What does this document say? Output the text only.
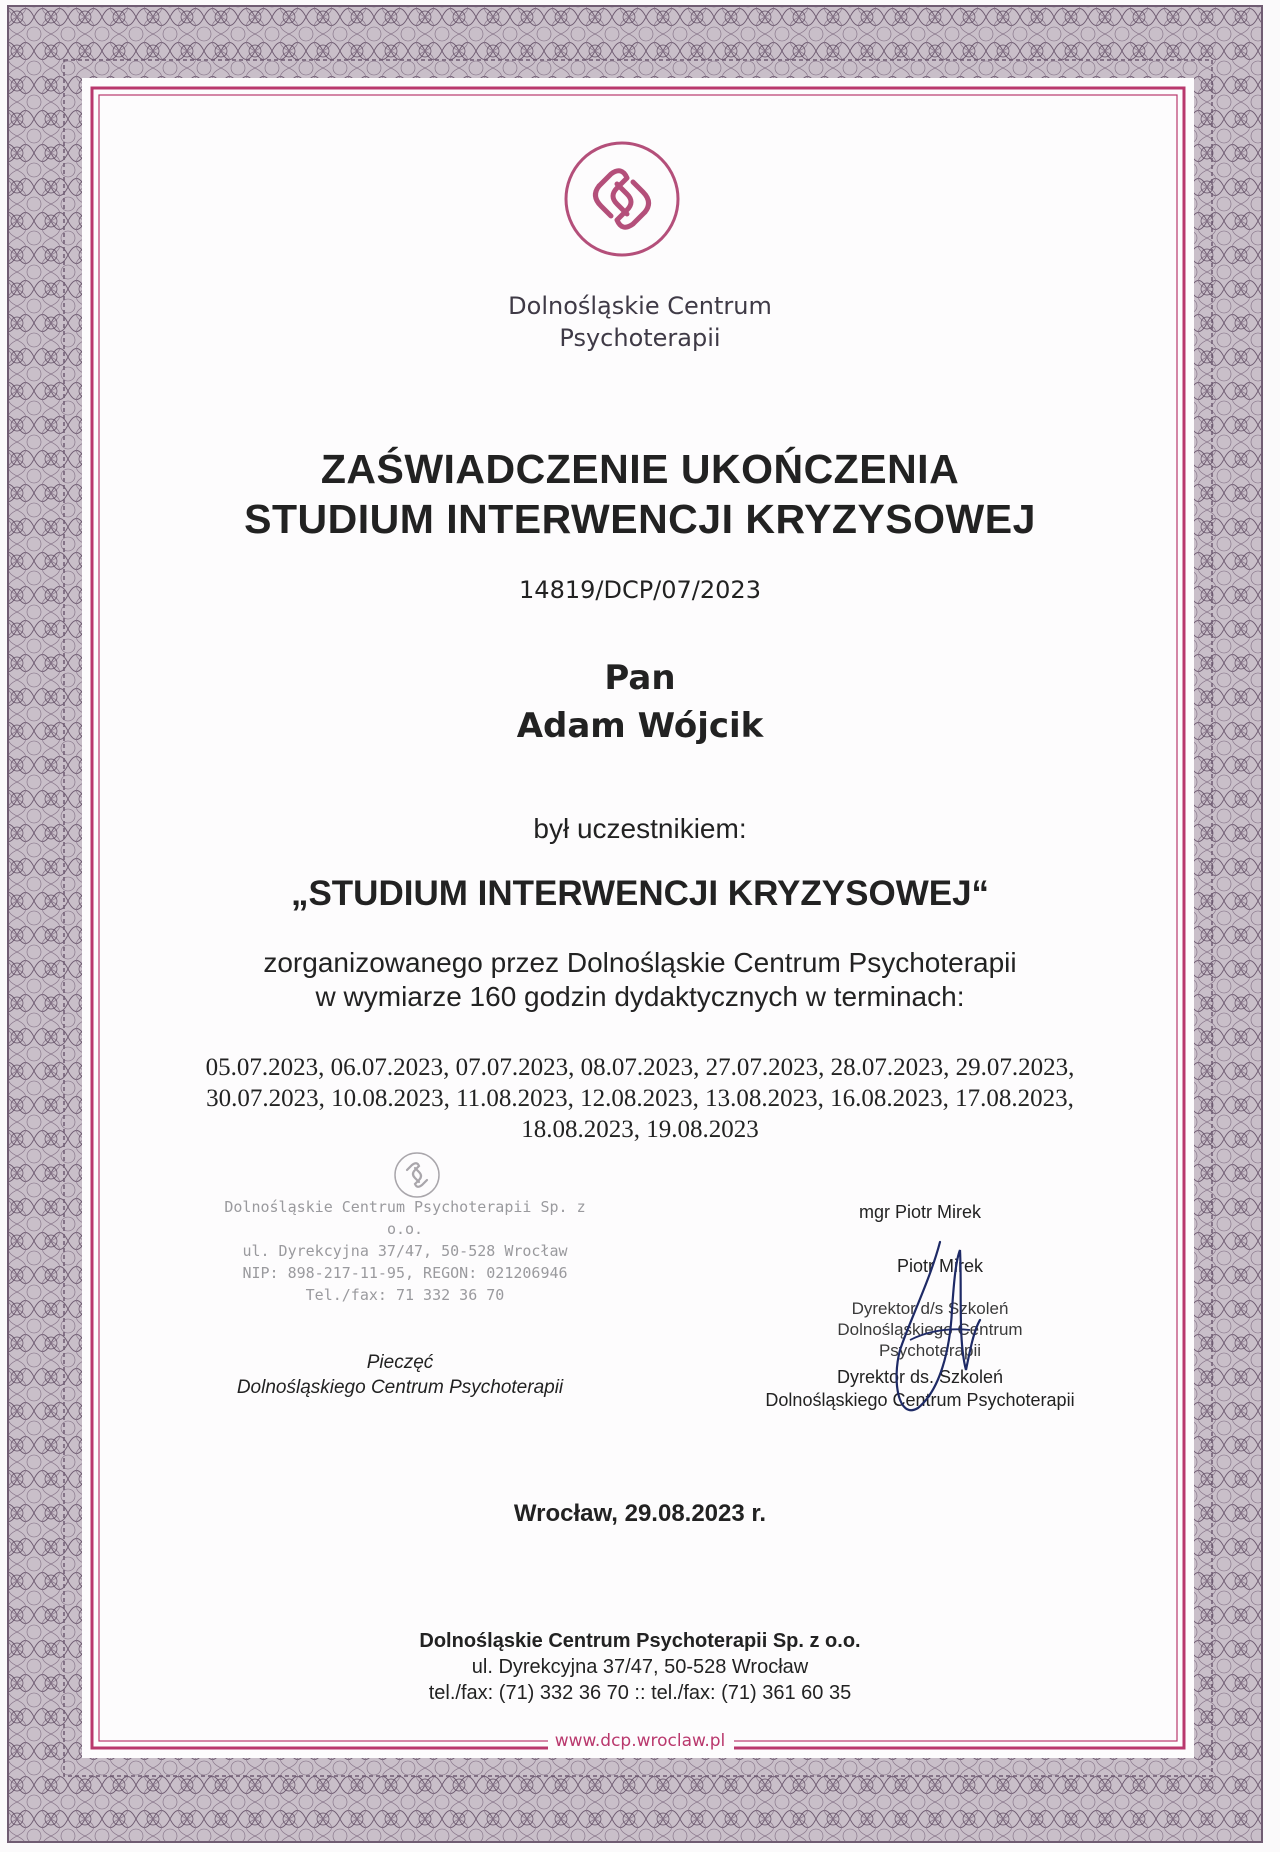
Dolnośląskie Centrum
Psychoterapii
ZAŚWIADCZENIE UKOŃCZENIA
STUDIUM INTERWENCJI KRYZYSOWEJ
14819/DCP/07/2023
Pan
Adam Wójcik
był uczestnikiem:
„STUDIUM INTERWENCJI KRYZYSOWEJ“
zorganizowanego przez Dolnośląskie Centrum Psychoterapii
w wymiarze 160 godzin dydaktycznych w terminach:
05.07.2023, 06.07.2023, 07.07.2023, 08.07.2023, 27.07.2023, 28.07.2023, 29.07.2023,
30.07.2023, 10.08.2023, 11.08.2023, 12.08.2023, 13.08.2023, 16.08.2023, 17.08.2023,
18.08.2023, 19.08.2023
Dolnośląskie Centrum Psychoterapii Sp. z o.o.
ul. Dyrekcyjna 37/47, 50-528 Wrocław
NIP: 898-217-11-95, REGON: 021206946
Tel./fax: 71 332 36 70
Pieczęć
Dolnośląskiego Centrum Psychoterapii
mgr Piotr Mirek
Piotr Mirek
Dyrektor d/s Szkoleń
Dolnośląskiego Centrum
Psychoterapii
Dyrektor ds. Szkoleń
Dolnośląskiego Centrum Psychoterapii
Wrocław, 29.08.2023 r.
Dolnośląskie Centrum Psychoterapii Sp. z o.o.
ul. Dyrekcyjna 37/47, 50-528 Wrocław
tel./fax: (71) 332 36 70 :: tel./fax: (71) 361 60 35
www.dcp.wroclaw.pl
